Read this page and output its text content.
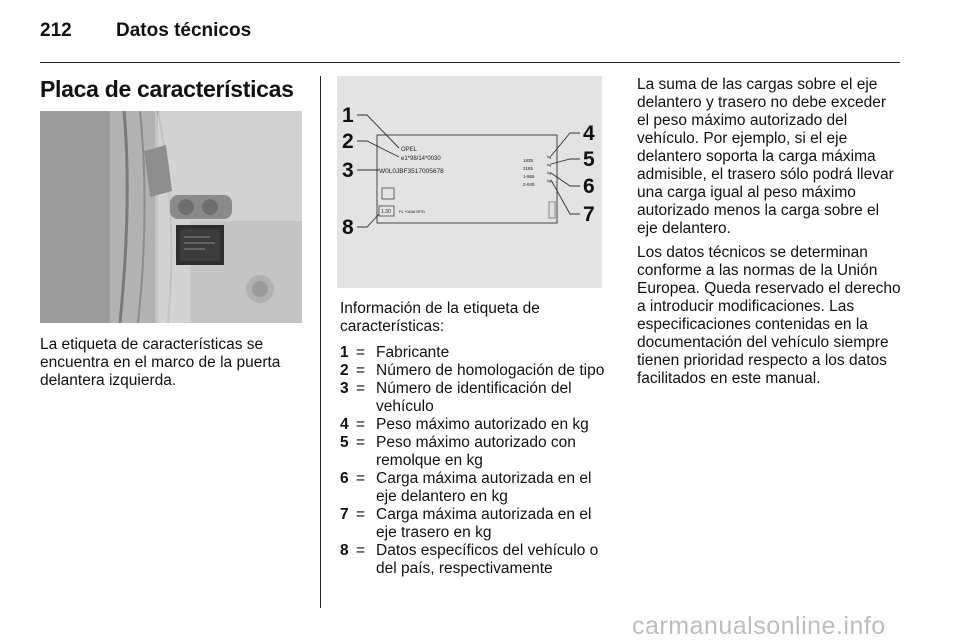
212 Datos técnicos
Placa de características
La etiqueta de características se encuentra en el marco de la puerta delantera izquierda.
OPEL
e1*98/14*0030
W0L0JBF3517005678
1835
3185
1-955
2-845
kg
kg
kg
kg
1.30 PL *0636 RPD
1
2
3
8
4
5
6
7
Información de la etiqueta de características:
1 = Fabricante
2 = Número de homologación de tipo
3 = Número de identificación del vehículo
4 = Peso máximo autorizado en kg
5 = Peso máximo autorizado con remolque en kg
6 = Carga máxima autorizada en el eje delantero en kg
7 = Carga máxima autorizada en el eje trasero en kg
8 = Datos específicos del vehículo o del país, respectivamente
La suma de las cargas sobre el eje delantero y trasero no debe exceder el peso máximo autorizado del vehículo. Por ejemplo, si el eje delantero soporta la carga máxima admisible, el trasero sólo podrá llevar una carga igual al peso máximo autorizado menos la carga sobre el eje delantero.
Los datos técnicos se determinan conforme a las normas de la Unión Europea. Queda reservado el derecho a introducir modificaciones. Las especificaciones contenidas en la documentación del vehículo siempre tienen prioridad respecto a los datos facilitados en este manual.
carmanualsonline.info
